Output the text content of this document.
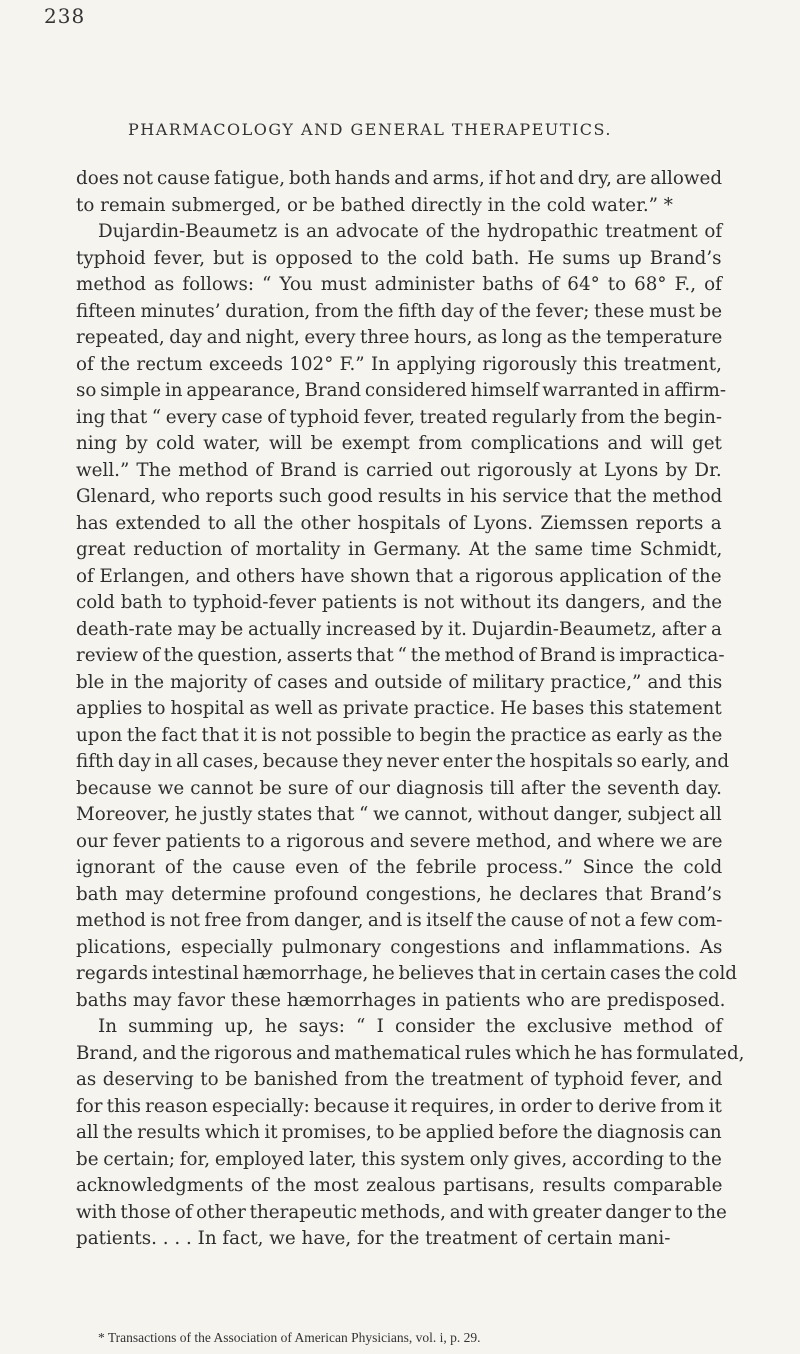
238
PHARMACOLOGY AND GENERAL THERAPEUTICS.
does not cause fatigue, both hands and arms, if hot and dry, are allowed
to remain submerged, or be bathed directly in the cold water.” *
Dujardin-Beaumetz is an advocate of the hydropathic treatment of
typhoid fever, but is opposed to the cold bath. He sums up Brand’s
method as follows: “ You must administer baths of 64° to 68° F., of
fifteen minutes’ duration, from the fifth day of the fever; these must be
repeated, day and night, every three hours, as long as the temperature
of the rectum exceeds 102° F.” In applying rigorously this treatment,
so simple in appearance, Brand considered himself warranted in affirm-
ing that “ every case of typhoid fever, treated regularly from the begin-
ning by cold water, will be exempt from complications and will get
well.” The method of Brand is carried out rigorously at Lyons by Dr.
Glenard, who reports such good results in his service that the method
has extended to all the other hospitals of Lyons. Ziemssen reports a
great reduction of mortality in Germany. At the same time Schmidt,
of Erlangen, and others have shown that a rigorous application of the
cold bath to typhoid-fever patients is not without its dangers, and the
death-rate may be actually increased by it. Dujardin-Beaumetz, after a
review of the question, asserts that “ the method of Brand is impractica-
ble in the majority of cases and outside of military practice,” and this
applies to hospital as well as private practice. He bases this statement
upon the fact that it is not possible to begin the practice as early as the
fifth day in all cases, because they never enter the hospitals so early, and
because we cannot be sure of our diagnosis till after the seventh day.
Moreover, he justly states that “ we cannot, without danger, subject all
our fever patients to a rigorous and severe method, and where we are
ignorant of the cause even of the febrile process.” Since the cold
bath may determine profound congestions, he declares that Brand’s
method is not free from danger, and is itself the cause of not a few com-
plications, especially pulmonary congestions and inflammations. As
regards intestinal hæmorrhage, he believes that in certain cases the cold
baths may favor these hæmorrhages in patients who are predisposed.
In summing up, he says: “ I consider the exclusive method of
Brand, and the rigorous and mathematical rules which he has formulated,
as deserving to be banished from the treatment of typhoid fever, and
for this reason especially: because it requires, in order to derive from it
all the results which it promises, to be applied before the diagnosis can
be certain; for, employed later, this system only gives, according to the
acknowledgments of the most zealous partisans, results comparable
with those of other therapeutic methods, and with greater danger to the
patients. . . . In fact, we have, for the treatment of certain mani-
* Transactions of the Association of American Physicians, vol. i, p. 29.
